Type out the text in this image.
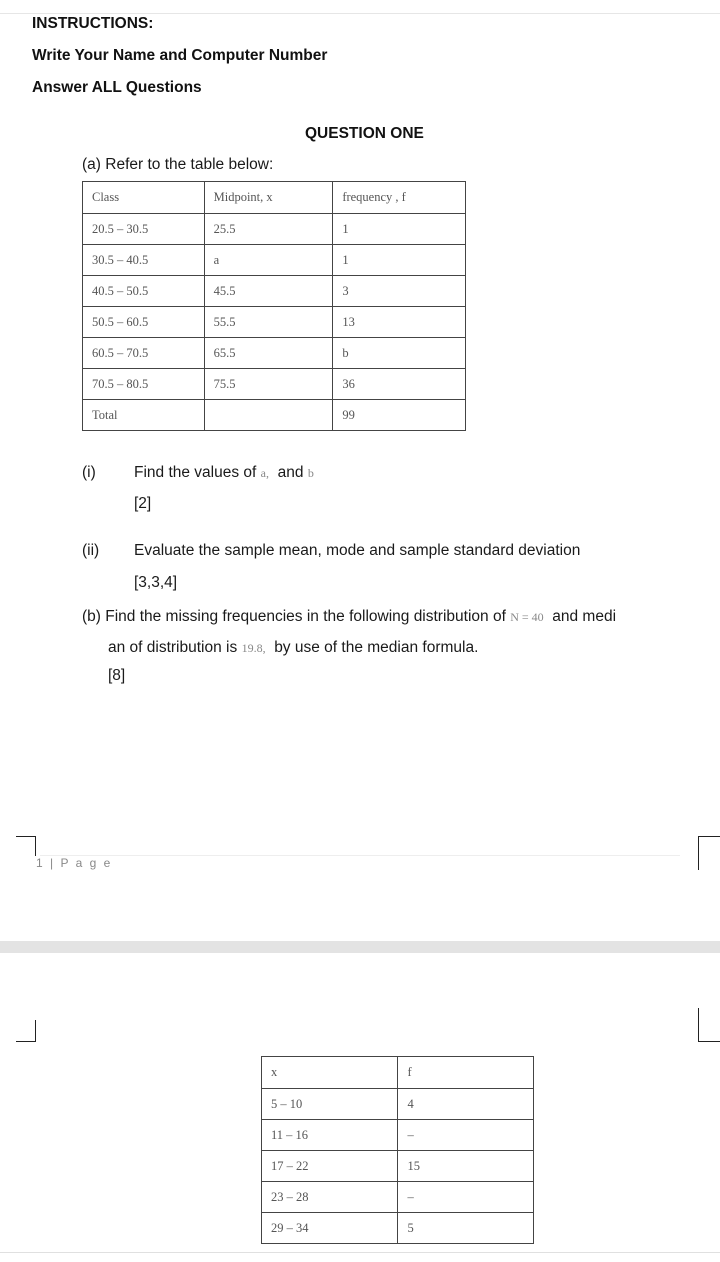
INSTRUCTIONS:
Write Your Name and Computer Number
Answer ALL Questions
QUESTION ONE
(a) Refer to the table below:
Class	Midpoint, x	frequency , f
20.5 – 30.5	25.5	1
30.5 – 40.5	a	1
40.5 – 50.5	45.5	3
50.5 – 60.5	55.5	13
60.5 – 70.5	65.5	b
70.5 – 80.5	75.5	36
Total		99
(i) Find the values of a, and b
[2]
(ii) Evaluate the sample mean, mode and sample standard deviation
[3,3,4]
(b) Find the missing frequencies in the following distribution of N = 40 and medi
an of distribution is 19.8, by use of the median formula.
[8]
1 | P a g e
x	f
5 – 10	4
11 – 16	–
17 – 22	15
23 – 28	–
29 – 34	5
